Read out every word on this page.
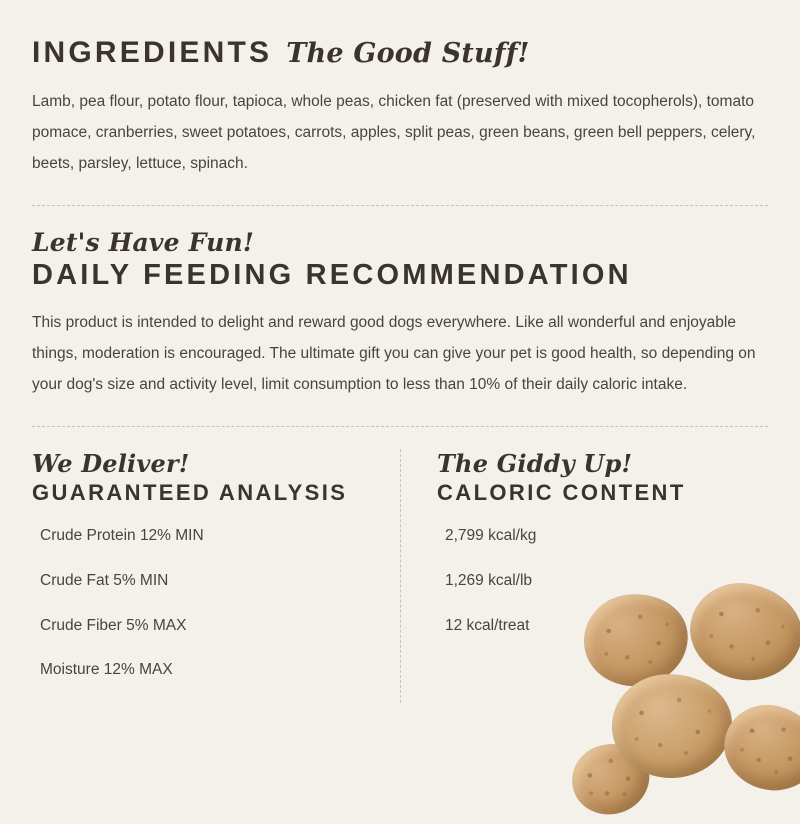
INGREDIENTS The Good Stuff!

Lamb, pea flour, potato flour, tapioca, whole peas, chicken fat (preserved with mixed tocopherols), tomato pomace, cranberries, sweet potatoes, carrots, apples, split peas, green beans, green bell peppers, celery, beets, parsley, lettuce, spinach.

Let's Have Fun!
DAILY FEEDING RECOMMENDATION

This product is intended to delight and reward good dogs everywhere. Like all wonderful and enjoyable things, moderation is encouraged. The ultimate gift you can give your pet is good health, so depending on your dog's size and activity level, limit consumption to less than 10% of their daily caloric intake.

We Deliver!
GUARANTEED ANALYSIS
Crude Protein 12% MIN
Crude Fat 5% MIN
Crude Fiber 5% MAX
Moisture 12% MAX
The Giddy Up!
CALORIC CONTENT
2,799 kcal/kg
1,269 kcal/lb
12 kcal/treat
